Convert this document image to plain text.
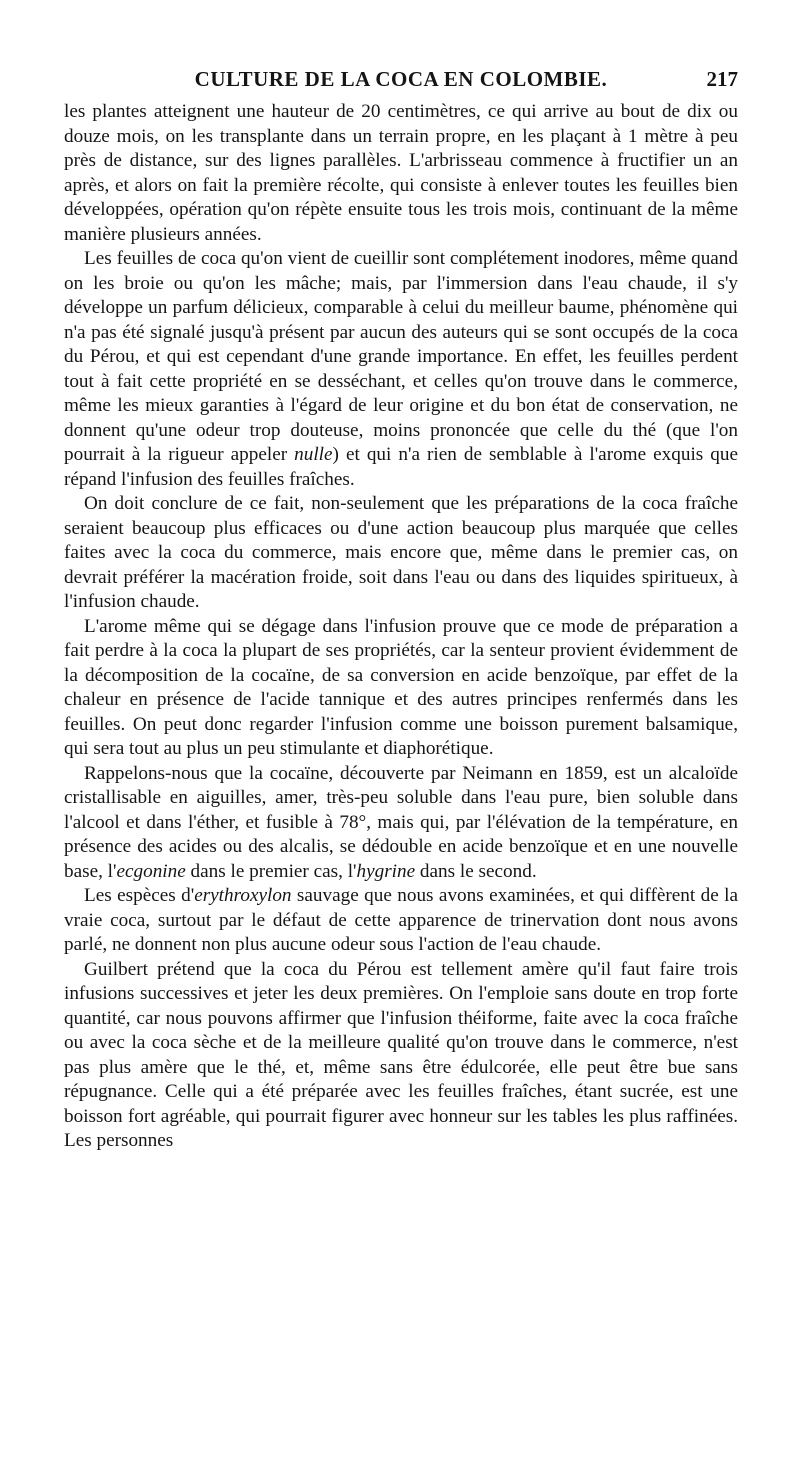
CULTURE DE LA COCA EN COLOMBIE.	217

les plantes atteignent une hauteur de 20 centimètres, ce qui arrive au bout de dix ou douze mois, on les transplante dans un terrain propre, en les plaçant à 1 mètre à peu près de distance, sur des lignes parallèles. L'arbrisseau commence à fructifier un an après, et alors on fait la première récolte, qui consiste à enlever toutes les feuilles bien développées, opération qu'on répète ensuite tous les trois mois, continuant de la même manière plusieurs années.

Les feuilles de coca qu'on vient de cueillir sont complétement inodores, même quand on les broie ou qu'on les mâche; mais, par l'immersion dans l'eau chaude, il s'y développe un parfum délicieux, comparable à celui du meilleur baume, phénomène qui n'a pas été signalé jusqu'à présent par aucun des auteurs qui se sont occupés de la coca du Pérou, et qui est cependant d'une grande importance. En effet, les feuilles perdent tout à fait cette propriété en se desséchant, et celles qu'on trouve dans le commerce, même les mieux garanties à l'égard de leur origine et du bon état de conservation, ne donnent qu'une odeur trop douteuse, moins prononcée que celle du thé (que l'on pourrait à la rigueur appeler nulle) et qui n'a rien de semblable à l'arome exquis que répand l'infusion des feuilles fraîches.

On doit conclure de ce fait, non-seulement que les préparations de la coca fraîche seraient beaucoup plus efficaces ou d'une action beaucoup plus marquée que celles faites avec la coca du commerce, mais encore que, même dans le premier cas, on devrait préférer la macération froide, soit dans l'eau ou dans des liquides spiritueux, à l'infusion chaude.

L'arome même qui se dégage dans l'infusion prouve que ce mode de préparation a fait perdre à la coca la plupart de ses propriétés, car la senteur provient évidemment de la décomposition de la cocaïne, de sa conversion en acide benzoïque, par effet de la chaleur en présence de l'acide tannique et des autres principes renfermés dans les feuilles. On peut donc regarder l'infusion comme une boisson purement balsamique, qui sera tout au plus un peu stimulante et diaphorétique.

Rappelons-nous que la cocaïne, découverte par Neimann en 1859, est un alcaloïde cristallisable en aiguilles, amer, très-peu soluble dans l'eau pure, bien soluble dans l'alcool et dans l'éther, et fusible à 78°, mais qui, par l'élévation de la température, en présence des acides ou des alcalis, se dédouble en acide benzoïque et en une nouvelle base, l'ecgonine dans le premier cas, l'hygrine dans le second.

Les espèces d'erythroxylon sauvage que nous avons examinées, et qui diffèrent de la vraie coca, surtout par le défaut de cette apparence de trinervation dont nous avons parlé, ne donnent non plus aucune odeur sous l'action de l'eau chaude.

Guilbert prétend que la coca du Pérou est tellement amère qu'il faut faire trois infusions successives et jeter les deux premières. On l'emploie sans doute en trop forte quantité, car nous pouvons affirmer que l'infusion théiforme, faite avec la coca fraîche ou avec la coca sèche et de la meilleure qualité qu'on trouve dans le commerce, n'est pas plus amère que le thé, et, même sans être édulcorée, elle peut être bue sans répugnance. Celle qui a été préparée avec les feuilles fraîches, étant sucrée, est une boisson fort agréable, qui pourrait figurer avec honneur sur les tables les plus raffinées. Les personnes
